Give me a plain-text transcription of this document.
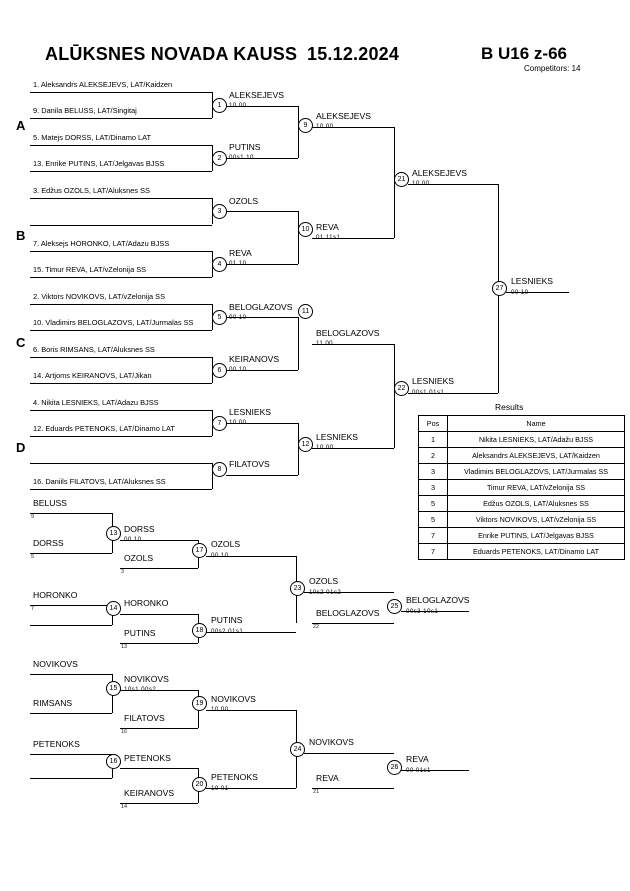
ALŪKSNES NOVADA KAUSS 15.12.2024	B U16 z-66
Competitors: 14
A
B
C
D
1. Aleksandrs ALEKSEJEVS, LAT/Kaidzen
9. Danila BELUSS, LAT/Singitaj
5. Matejs DORSS, LAT/Dinamo LAT
13. Enrike PUTINS, LAT/Jelgavas BJSS
3. Edžus OZOLS, LAT/Aluksnes SS
7. Aleksejs HORONKO, LAT/Adazu BJSS
15. Timur REVA, LAT/vZelonija SS
2. Viktors NOVIKOVS, LAT/vZelonija SS
10. Vladimirs BELOGLAZOVS, LAT/Jurmalas SS
6. Boris RIMSANS, LAT/Aluksnes SS
14. Artjoms KEIRANOVS, LAT/Jikan
4. Nikita LESNIEKS, LAT/Adazu BJSS
12. Eduards PETENOKS, LAT/Dinamo LAT
16. Daniils FILATOVS, LAT/Aluksnes SS
1
ALEKSEJEVS
2
PUTINS
3
OZOLS
4
REVA
5
BELOGLAZOVS
6
KEIRANOVS
7
LESNIEKS
8
FILATOVS
9
ALEKSEJEVS
10 REVA
11
BELOGLAZOVS
12
LESNIEKS
21
ALEKSEJEVS
22
LESNIEKS
27
LESNIEKS
Results
Pos	Name
1	Nikita LESNIEKS, LAT/Adažu BJSS
2	Aleksandrs ALEKSEJEVS, LAT/Kaidzen
3	Vladimirs BELOGLAZOVS, LAT/Jurmalas SS
3	Timur REVA, LAT/vZelonija SS
5	Edžus OZOLS, LAT/Aluksnes SS
5	Viktors NOVIKOVS, LAT/vZelonija SS
7	Enrike PUTINS, LAT/Jelgavas BJSS
7	Eduards PETENOKS, LAT/Dinamo LAT
BELUSS
9
DORSS
5
13 DORSS
HORONKO
7	14
HORONKO
NOVIKOVS
RIMSANS
15
NOVIKOVS
PETENOKS
16 PETENOKS
OZOLS
3
17
OZOLS
PUTINS
13
18
PUTINS
FILATOVS
16
19 NOVIKOVS
KEIRANOVS
14
20
PETENOKS
BELOGLAZOVS
22
23
OZOLS
REVA
21
24
NOVIKOVS
25
BELOGLAZOVS
26
REVA
